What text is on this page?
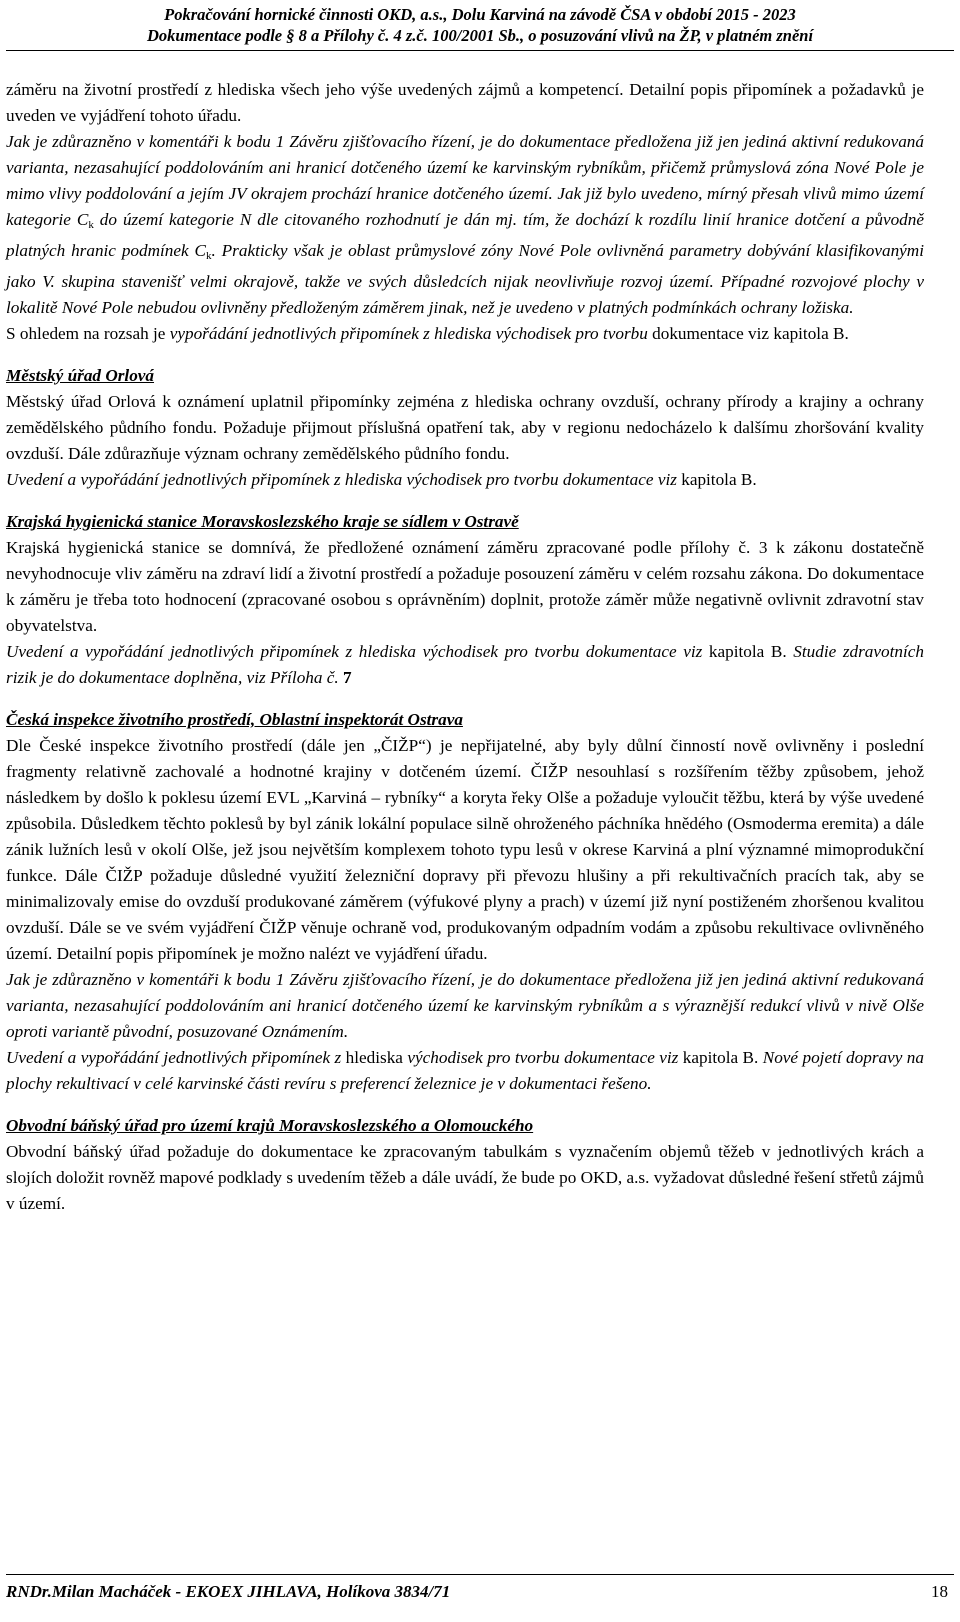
Pokračování hornické činnosti OKD, a.s., Dolu Karviná na závodě ČSA v období 2015 - 2023
Dokumentace podle § 8 a Přílohy č. 4 z.č. 100/2001 Sb., o posuzování vlivů na ŽP, v platném znění

záměru na životní prostředí z hlediska všech jeho výše uvedených zájmů a kompetencí. Detailní popis připomínek a požadavků je uveden ve vyjádření tohoto úřadu.

Jak je zdůrazněno v komentáři k bodu 1 Závěru zjišťovacího řízení, je do dokumentace předložena již jen jediná aktivní redukovaná varianta, nezasahující poddolováním ani hranicí dotčeného území ke karvinským rybníkům, přičemž průmyslová zóna Nové Pole je mimo vlivy poddolování a jejím JV okrajem prochází hranice dotčeného území. Jak již bylo uvedeno, mírný přesah vlivů mimo území kategorie $C_k$ do území kategorie N dle citovaného rozhodnutí je dán mj. tím, že dochází k rozdílu linií hranice dotčení a původně platných hranic podmínek $C_k$. Prakticky však je oblast průmyslové zóny Nové Pole ovlivněná parametry dobývání klasifikovanými jako V. skupina stavenišť velmi okrajově, takže ve svých důsledcích nijak neovlivňuje rozvoj území. Případné rozvojové plochy v lokalitě Nové Pole nebudou ovlivněny předloženým záměrem jinak, než je uvedeno v platných podmínkách ochrany ložiska.

S ohledem na rozsah je vypořádání jednotlivých připomínek z hlediska východisek pro tvorbu dokumentace viz kapitola B.

Městský úřad Orlová

Městský úřad Orlová k oznámení uplatnil připomínky zejména z hlediska ochrany ovzduší, ochrany přírody a krajiny a ochrany zemědělského půdního fondu. Požaduje přijmout příslušná opatření tak, aby v regionu nedocházelo k dalšímu zhoršování kvality ovzduší. Dále zdůrazňuje význam ochrany zemědělského půdního fondu.

Uvedení a vypořádání jednotlivých připomínek z hlediska východisek pro tvorbu dokumentace viz kapitola B.

Krajská hygienická stanice Moravskoslezského kraje se sídlem v Ostravě

Krajská hygienická stanice se domnívá, že předložené oznámení záměru zpracované podle přílohy č. 3 k zákonu dostatečně nevyhodnocuje vliv záměru na zdraví lidí a životní prostředí a požaduje posouzení záměru v celém rozsahu zákona. Do dokumentace k záměru je třeba toto hodnocení (zpracované osobou s oprávněním) doplnit, protože záměr může negativně ovlivnit zdravotní stav obyvatelstva.

Uvedení a vypořádání jednotlivých připomínek z hlediska východisek pro tvorbu dokumentace viz kapitola B. Studie zdravotních rizik je do dokumentace doplněna, viz Příloha č. 7

Česká inspekce životního prostředí, Oblastní inspektorát Ostrava

Dle České inspekce životního prostředí (dále jen „ČIŽP“) je nepřijatelné, aby byly důlní činností nově ovlivněny i poslední fragmenty relativně zachovalé a hodnotné krajiny v dotčeném území. ČIŽP nesouhlasí s rozšířením těžby způsobem, jehož následkem by došlo k poklesu území EVL „Karviná – rybníky“ a koryta řeky Olše a požaduje vyloučit těžbu, která by výše uvedené způsobila. Důsledkem těchto poklesů by byl zánik lokální populace silně ohroženého páchníka hnědého (Osmoderma eremita) a dále zánik lužních lesů v okolí Olše, jež jsou největším komplexem tohoto typu lesů v okrese Karviná a plní významné mimoprodukční funkce. Dále ČIŽP požaduje důsledné využití železniční dopravy při převozu hlušiny a při rekultivačních pracích tak, aby se minimalizovaly emise do ovzduší produkované záměrem (výfukové plyny a prach) v území již nyní postiženém zhoršenou kvalitou ovzduší. Dále se ve svém vyjádření ČIŽP věnuje ochraně vod, produkovaným odpadním vodám a způsobu rekultivace ovlivněného území. Detailní popis připomínek je možno nalézt ve vyjádření úřadu.

Jak je zdůrazněno v komentáři k bodu 1 Závěru zjišťovacího řízení, je do dokumentace předložena již jen jediná aktivní redukovaná varianta, nezasahující poddolováním ani hranicí dotčeného území ke karvinským rybníkům a s výraznější redukcí vlivů v nivě Olše oproti variantě původní, posuzované Oznámením.

Uvedení a vypořádání jednotlivých připomínek z hlediska východisek pro tvorbu dokumentace viz kapitola B. Nové pojetí dopravy na plochy rekultivací v celé karvinské části revíru s preferencí železnice je v dokumentaci řešeno.

Obvodní báňský úřad pro území krajů Moravskoslezského a Olomouckého

Obvodní báňský úřad požaduje do dokumentace ke zpracovaným tabulkám s vyznačením objemů těžeb v jednotlivých krách a slojích doložit rovněž mapové podklady s uvedením těžeb a dále uvádí, že bude po OKD, a.s. vyžadovat důsledné řešení střetů zájmů v území.

RNDr.Milan Macháček - EKOEX JIHLAVA, Holíkova 3834/71	18
